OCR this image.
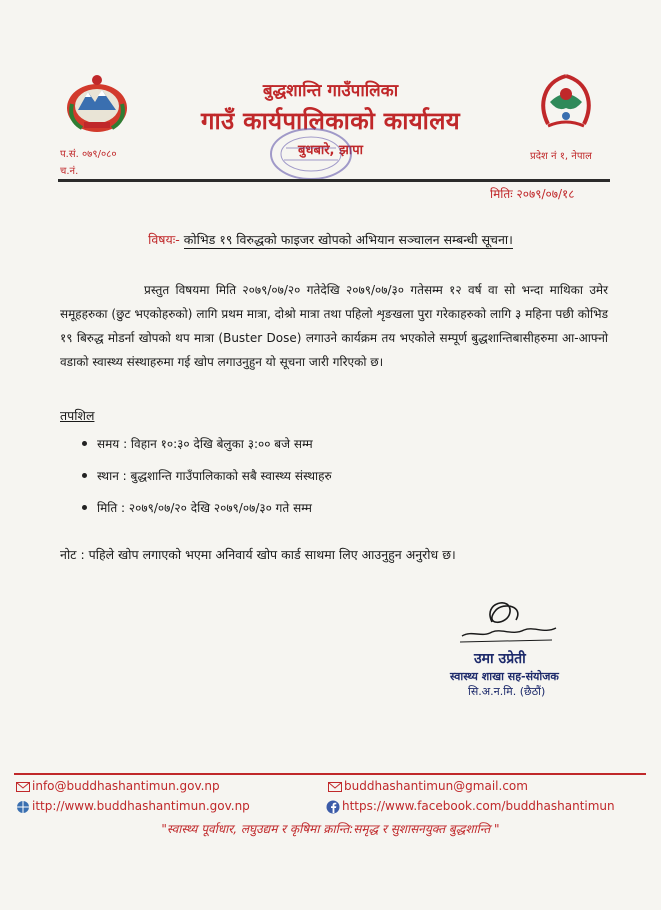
बुद्धशान्ति गाउँपालिका
गाउँ कार्यपालिकाको कार्यालय
बुधबारे, झापा
प.सं. ०७९/०८०
च.नं.
प्रदेश नं १, नेपाल
मितिः २०७९/०७/१८
विषयः- कोभिड १९ विरुद्धको फाइजर खोपको अभियान सञ्चालन सम्बन्धी सूचना।
प्रस्तुत विषयमा मिति २०७९/०७/२० गतेदेखि २०७९/०७/३० गतेसम्म १२ वर्ष वा सो भन्दा माथिका उमेर समूहहरुका (छुट भएकोहरुको) लागि प्रथम मात्रा, दोश्रो मात्रा तथा पहिलो शृङखला पुरा गरेकाहरुको लागि ३ महिना पछी कोभिड १९ बिरुद्ध मोडर्ना खोपको थप मात्रा (Buster Dose) लगाउने कार्यक्रम तय भएकोले सम्पूर्ण बुद्धशान्तिबासीहरुमा आ-आफ्नो वडाको स्वास्थ्य संस्थाहरुमा गई खोप लगाउनुहुन यो सूचना जारी गरिएको छ।
तपशिल
समय : विहान १०:३० देखि बेलुका ३:०० बजे सम्म
स्थान : बुद्धशान्ति गाउँपालिकाको सबै स्वास्थ्य संस्थाहरु
मिति : २०७९/०७/२० देखि २०७९/०७/३० गते सम्म
नोट : पहिले खोप लगाएको भएमा अनिवार्य खोप कार्ड साथमा लिए आउनुहुन अनुरोध छ।
उमा उप्रेती
स्वास्थ्य शाखा सह-संयोजक
सि.अ.न.मि. (छैठौं)
info@buddhashantimun.gov.np	buddhashantimun@gmail.com
ittp://www.buddhashantimun.gov.np	https://www.facebook.com/buddhashantimun
"स्वास्थ्य पूर्वाधार, लघुउद्यम र कृषिमा क्रान्ति:समृद्ध र सुशासनयुक्त बुद्धशान्ति "
